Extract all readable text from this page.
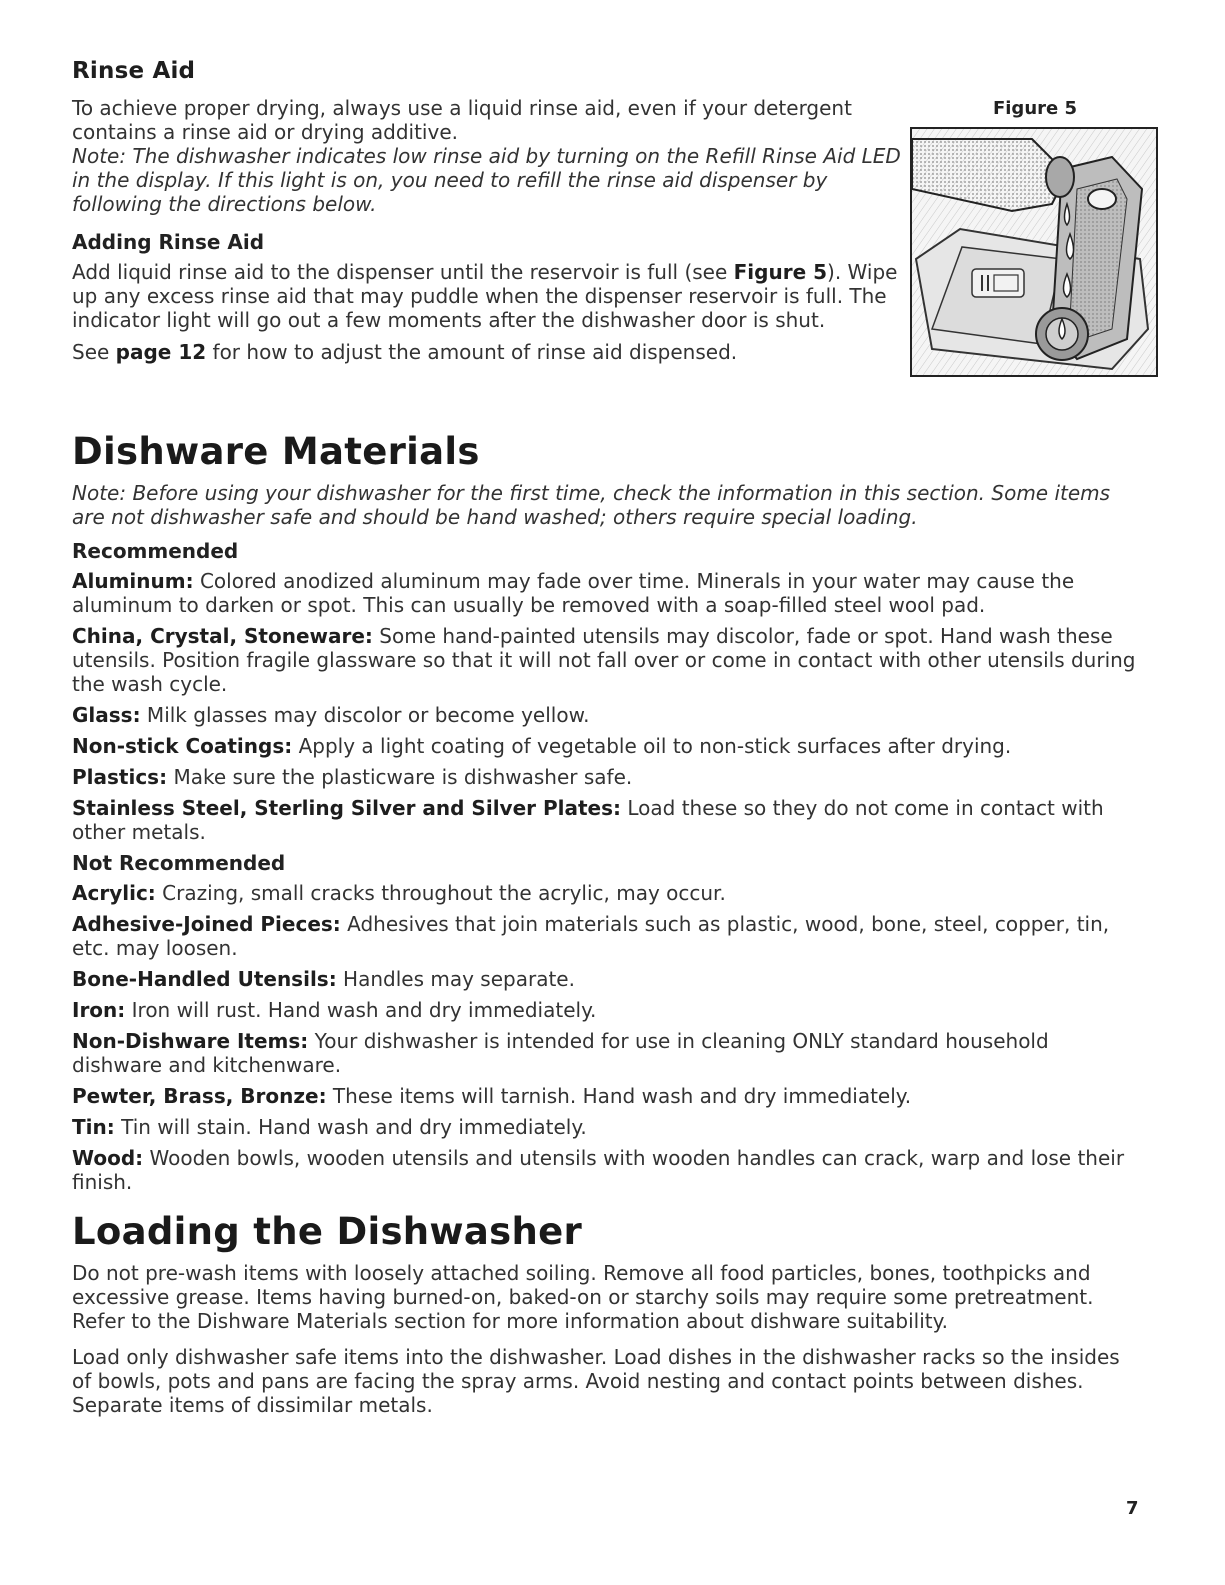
Rinse Aid

To achieve proper drying, always use a liquid rinse aid, even if your detergent contains a rinse aid or drying additive.

Note: The dishwasher indicates low rinse aid by turning on the Refill Rinse Aid LED in the display. If this light is on, you need to refill the rinse aid dispenser by following the directions below.

Adding Rinse Aid

Add liquid rinse aid to the dispenser until the reservoir is full (see Figure 5). Wipe up any excess rinse aid that may puddle when the dispenser reservoir is full. The indicator light will go out a few moments after the dishwasher door is shut.

See page 12 for how to adjust the amount of rinse aid dispensed.

Figure 5
Dishware Materials

Note: Before using your dishwasher for the first time, check the information in this section. Some items are not dishwasher safe and should be hand washed; others require special loading.

Recommended

Aluminum: Colored anodized aluminum may fade over time. Minerals in your water may cause the aluminum to darken or spot. This can usually be removed with a soap-filled steel wool pad.

China, Crystal, Stoneware: Some hand-painted utensils may discolor, fade or spot. Hand wash these utensils. Position fragile glassware so that it will not fall over or come in contact with other utensils during the wash cycle.

Glass: Milk glasses may discolor or become yellow.

Non-stick Coatings: Apply a light coating of vegetable oil to non-stick surfaces after drying.

Plastics: Make sure the plasticware is dishwasher safe.

Stainless Steel, Sterling Silver and Silver Plates: Load these so they do not come in contact with other metals.

Not Recommended

Acrylic: Crazing, small cracks throughout the acrylic, may occur.

Adhesive-Joined Pieces: Adhesives that join materials such as plastic, wood, bone, steel, copper, tin, etc. may loosen.

Bone-Handled Utensils: Handles may separate.

Iron: Iron will rust. Hand wash and dry immediately.

Non-Dishware Items: Your dishwasher is intended for use in cleaning ONLY standard household dishware and kitchenware.

Pewter, Brass, Bronze: These items will tarnish. Hand wash and dry immediately.

Tin: Tin will stain. Hand wash and dry immediately.

Wood: Wooden bowls, wooden utensils and utensils with wooden handles can crack, warp and lose their finish.

Loading the Dishwasher

Do not pre-wash items with loosely attached soiling. Remove all food particles, bones, toothpicks and excessive grease. Items having burned-on, baked-on or starchy soils may require some pretreatment. Refer to the Dishware Materials section for more information about dishware suitability.

Load only dishwasher safe items into the dishwasher. Load dishes in the dishwasher racks so the insides of bowls, pots and pans are facing the spray arms. Avoid nesting and contact points between dishes. Separate items of dissimilar metals.

7
